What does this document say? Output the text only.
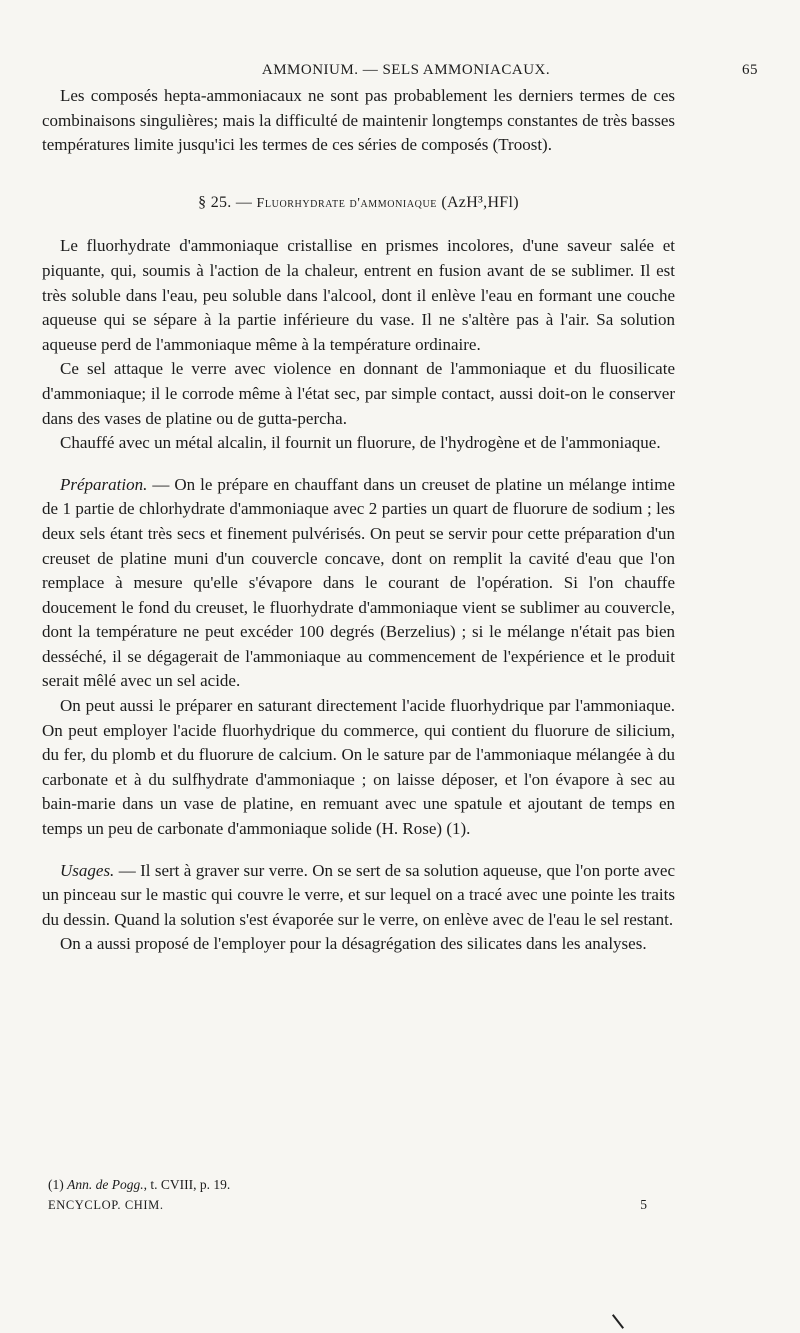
AMMONIUM. — SELS AMMONIACAUX.	65

Les composés hepta-ammoniacaux ne sont pas probablement les derniers termes de ces combinaisons singulières; mais la difficulté de maintenir longtemps constantes de très basses températures limite jusqu'ici les termes de ces séries de composés (Troost).

§ 25. — Fluorhydrate d'ammoniaque (AzH³,HFl)

Le fluorhydrate d'ammoniaque cristallise en prismes incolores, d'une saveur salée et piquante, qui, soumis à l'action de la chaleur, entrent en fusion avant de se sublimer. Il est très soluble dans l'eau, peu soluble dans l'alcool, dont il enlève l'eau en formant une couche aqueuse qui se sépare à la partie inférieure du vase. Il ne s'altère pas à l'air. Sa solution aqueuse perd de l'ammoniaque même à la température ordinaire.

Ce sel attaque le verre avec violence en donnant de l'ammoniaque et du fluosilicate d'ammoniaque; il le corrode même à l'état sec, par simple contact, aussi doit-on le conserver dans des vases de platine ou de gutta-percha.

Chauffé avec un métal alcalin, il fournit un fluorure, de l'hydrogène et de l'ammoniaque.

Préparation. — On le prépare en chauffant dans un creuset de platine un mélange intime de 1 partie de chlorhydrate d'ammoniaque avec 2 parties un quart de fluorure de sodium ; les deux sels étant très secs et finement pulvérisés. On peut se servir pour cette préparation d'un creuset de platine muni d'un couvercle concave, dont on remplit la cavité d'eau que l'on remplace à mesure qu'elle s'évapore dans le courant de l'opération. Si l'on chauffe doucement le fond du creuset, le fluorhydrate d'ammoniaque vient se sublimer au couvercle, dont la température ne peut excéder 100 degrés (Berzelius) ; si le mélange n'était pas bien desséché, il se dégagerait de l'ammoniaque au commencement de l'expérience et le produit serait mêlé avec un sel acide.

On peut aussi le préparer en saturant directement l'acide fluorhydrique par l'ammoniaque. On peut employer l'acide fluorhydrique du commerce, qui contient du fluorure de silicium, du fer, du plomb et du fluorure de calcium. On le sature par de l'ammoniaque mélangée à du carbonate et à du sulfhydrate d'ammoniaque ; on laisse déposer, et l'on évapore à sec au bain-marie dans un vase de platine, en remuant avec une spatule et ajoutant de temps en temps un peu de carbonate d'ammoniaque solide (H. Rose) (1).

Usages. — Il sert à graver sur verre. On se sert de sa solution aqueuse, que l'on porte avec un pinceau sur le mastic qui couvre le verre, et sur lequel on a tracé avec une pointe les traits du dessin. Quand la solution s'est évaporée sur le verre, on enlève avec de l'eau le sel restant.

On a aussi proposé de l'employer pour la désagrégation des silicates dans les analyses.

(1) Ann. de Pogg., t. CVIII, p. 19.
ENCYCLOP. CHIM.	5
